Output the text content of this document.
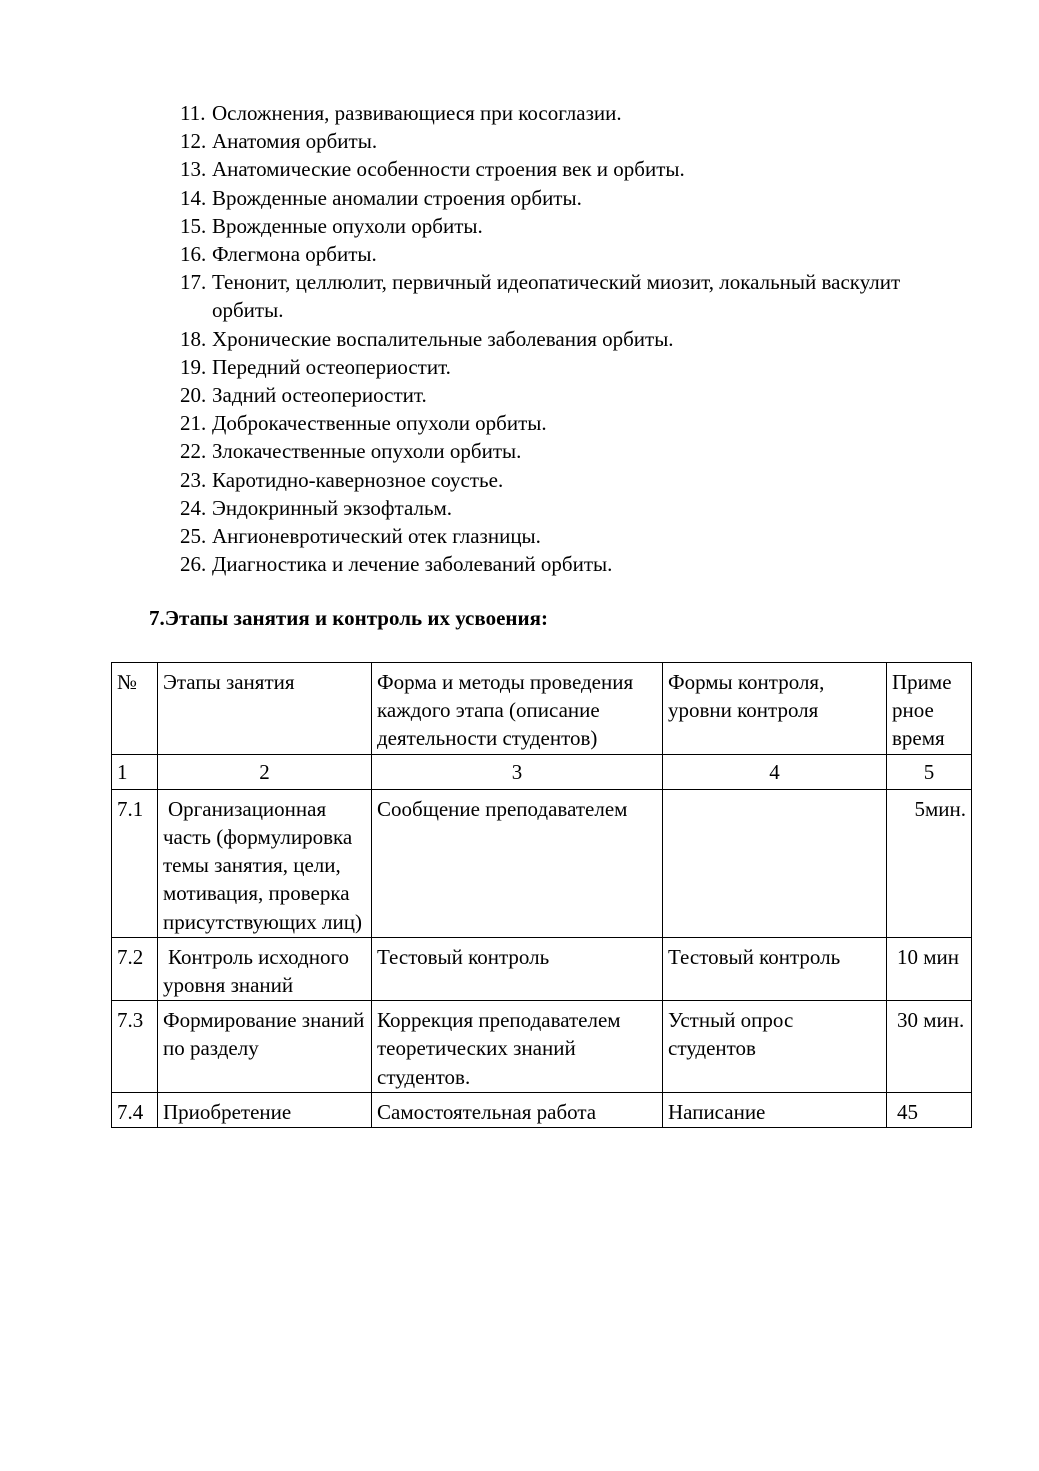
11. Осложнения, развивающиеся при косоглазии.
12. Анатомия орбиты.
13. Анатомические особенности строения век и орбиты.
14. Врожденные аномалии строения орбиты.
15. Врожденные опухоли орбиты.
16. Флегмона орбиты.
17. Тенонит, целлюлит, первичный идеопатический миозит, локальный васкулит орбиты.
18. Хронические воспалительные заболевания орбиты.
19. Передний остеопериостит.
20. Задний остеопериостит.
21. Доброкачественные опухоли орбиты.
22. Злокачественные опухоли орбиты.
23. Каротидно-кавернозное соустье.
24. Эндокринный экзофтальм.
25. Ангионевротический отек глазницы.
26. Диагностика и лечение заболеваний орбиты.
7.Этапы занятия и контроль их усвоения:
№	Этапы занятия	Форма и методы проведения каждого этапа (описание деятельности студентов)	Формы контроля, уровни контроля	Приме рное время
1	2	3	4	5
7.1	Организационная часть (формулировка темы занятия, цели, мотивация, проверка присутствующих лиц)	Сообщение преподавателем		5мин.
7.2	Контроль исходного уровня знаний	Тестовый контроль	Тестовый контроль	10 мин
7.3	Формирование знаний по разделу	Коррекция преподавателем теоретических знаний студентов.	Устный опрос студентов	30 мин.
7.4	Приобретение	Самостоятельная работа	Написание	45
